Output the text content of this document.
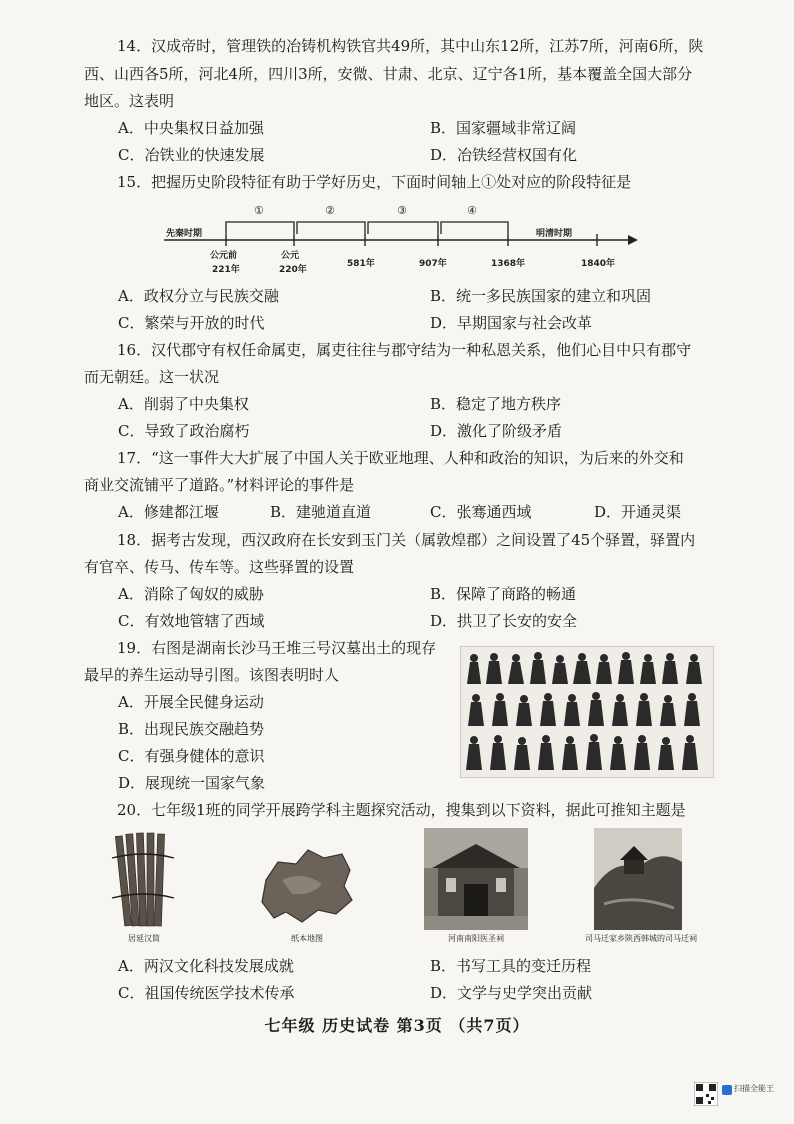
14．汉成帝时，管理铁的冶铸机构铁官共49所，其中山东12所，江苏7所，河南6所，陕
西、山西各5所，河北4所，四川3所，安微、甘肃、北京、辽宁各1所，基本覆盖全国大部分
地区。这表明
A．中央集权日益加强	B．国家疆域非常辽阔
C．冶铁业的快速发展	D．冶铁经营权国有化
15．把握历史阶段特征有助于学好历史，下面时间轴上①处对应的阶段特征是
先秦时期	明清时期
①	②	③	④
公元前
221年
公元
220年
581年	907年	1368年	1840年
A．政权分立与民族交融	B．统一多民族国家的建立和巩固
C．繁荣与开放的时代	D．早期国家与社会改革
16．汉代郡守有权任命属吏，属吏往往与郡守结为一种私恩关系，他们心目中只有郡守
而无朝廷。这一状况
A．削弱了中央集权	B．稳定了地方秩序
C．导致了政治腐朽	D．激化了阶级矛盾
17．“这一事件大大扩展了中国人关于欧亚地理、人种和政治的知识，为后来的外交和
商业交流铺平了道路。”材料评论的事件是
A．修建都江堰	B．建驰道直道	C．张骞通西域	D．开通灵渠
18．据考古发现，西汉政府在长安到玉门关（属敦煌郡）之间设置了45个驿置，驿置内
有官卒、传马、传车等。这些驿置的设置
A．消除了匈奴的威胁	B．保障了商路的畅通
C．有效地管辖了西域	D．拱卫了长安的安全
19．右图是湖南长沙马王堆三号汉墓出土的现存
最早的养生运动导引图。该图表明时人
A．开展全民健身运动
B．出现民族交融趋势
C．有强身健体的意识
D．展现统一国家气象
20．七年级1班的同学开展跨学科主题探究活动，搜集到以下资料，据此可推知主题是
居延汉简	纸本地图	河南南阳医圣祠	司马迁家乡陕西韩城的司马迁祠
A．两汉文化科技发展成就	B．书写工具的变迁历程
C．祖国传统医学技术传承	D．文学与史学突出贡献
七年级 历史试卷 第3页 （共7页）
扫描全能王
